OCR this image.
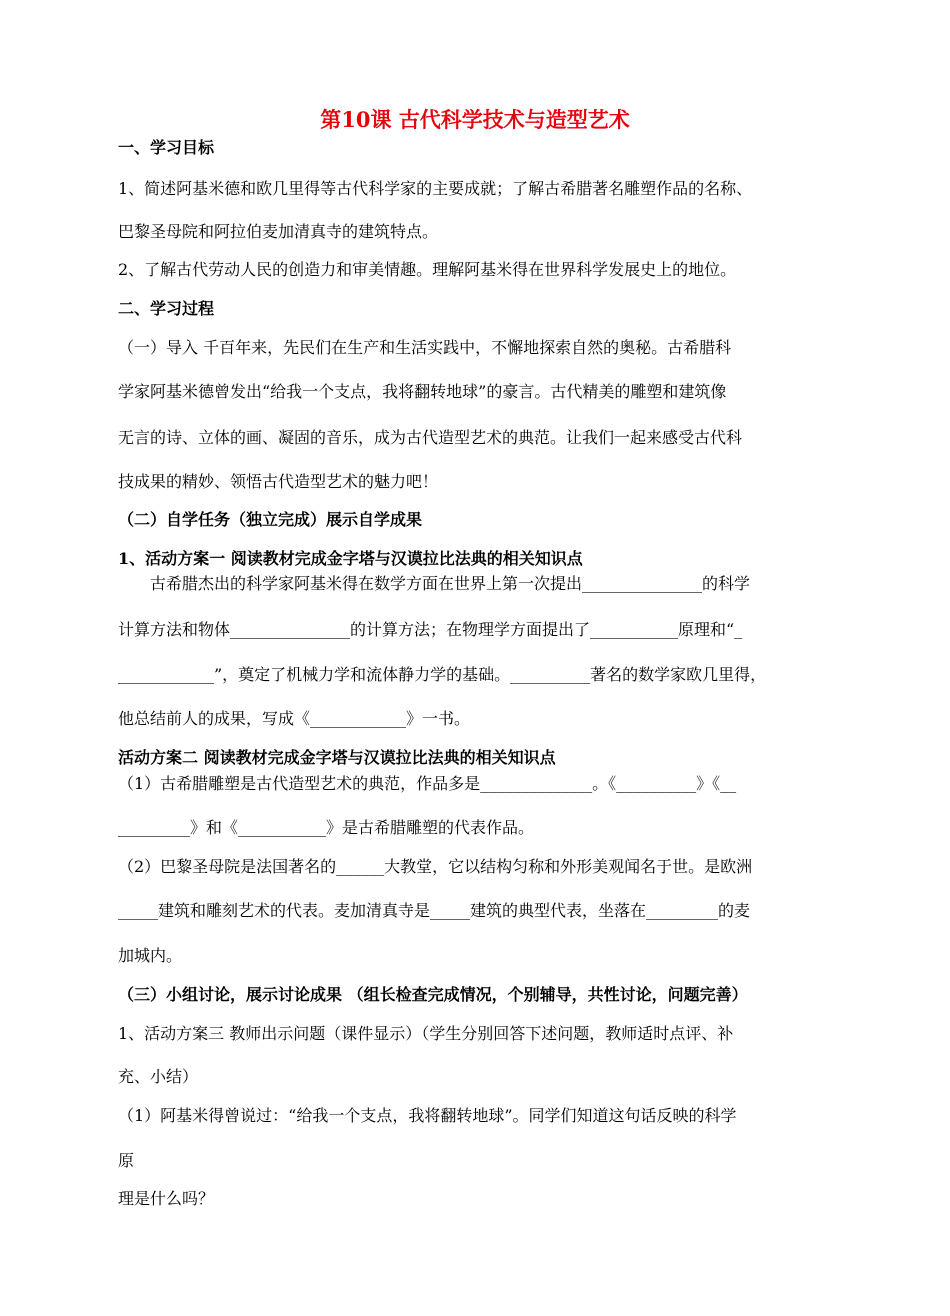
第10课 古代科学技术与造型艺术
一、学习目标
1、简述阿基米德和欧几里得等古代科学家的主要成就；了解古希腊著名雕塑作品的名称、
巴黎圣母院和阿拉伯麦加清真寺的建筑特点。
2、了解古代劳动人民的创造力和审美情趣。理解阿基米得在世界科学发展史上的地位。
二、学习过程
（一）导入 千百年来，先民们在生产和生活实践中，不懈地探索自然的奥秘。古希腊科
学家阿基米德曾发出“给我一个支点，我将翻转地球”的豪言。古代精美的雕塑和建筑像
无言的诗、立体的画、凝固的音乐，成为古代造型艺术的典范。让我们一起来感受古代科
技成果的精妙、领悟古代造型艺术的魅力吧！
（二）自学任务（独立完成）展示自学成果
1、活动方案一 阅读教材完成金字塔与汉谟拉比法典的相关知识点
古希腊杰出的科学家阿基米得在数学方面在世界上第一次提出_______________的科学
计算方法和物体_______________的计算方法；在物理学方面提出了___________原理和“_
____________”，奠定了机械力学和流体静力学的基础。__________著名的数学家欧几里得，
他总结前人的成果，写成《____________》一书。
活动方案二 阅读教材完成金字塔与汉谟拉比法典的相关知识点
（1）古希腊雕塑是古代造型艺术的典范，作品多是______________。《__________》《__
_________》和《___________》是古希腊雕塑的代表作品。
（2）巴黎圣母院是法国著名的______大教堂，它以结构匀称和外形美观闻名于世。是欧洲
_____建筑和雕刻艺术的代表。麦加清真寺是_____建筑的典型代表，坐落在_________的麦
加城内。
（三）小组讨论，展示讨论成果 （组长检查完成情况，个别辅导，共性讨论，问题完善）
1、活动方案三 教师出示问题（课件显示）（学生分别回答下述问题，教师适时点评、补
充、小结）
（1）阿基米得曾说过：“给我一个支点，我将翻转地球”。同学们知道这句话反映的科学
原
理是什么吗？
